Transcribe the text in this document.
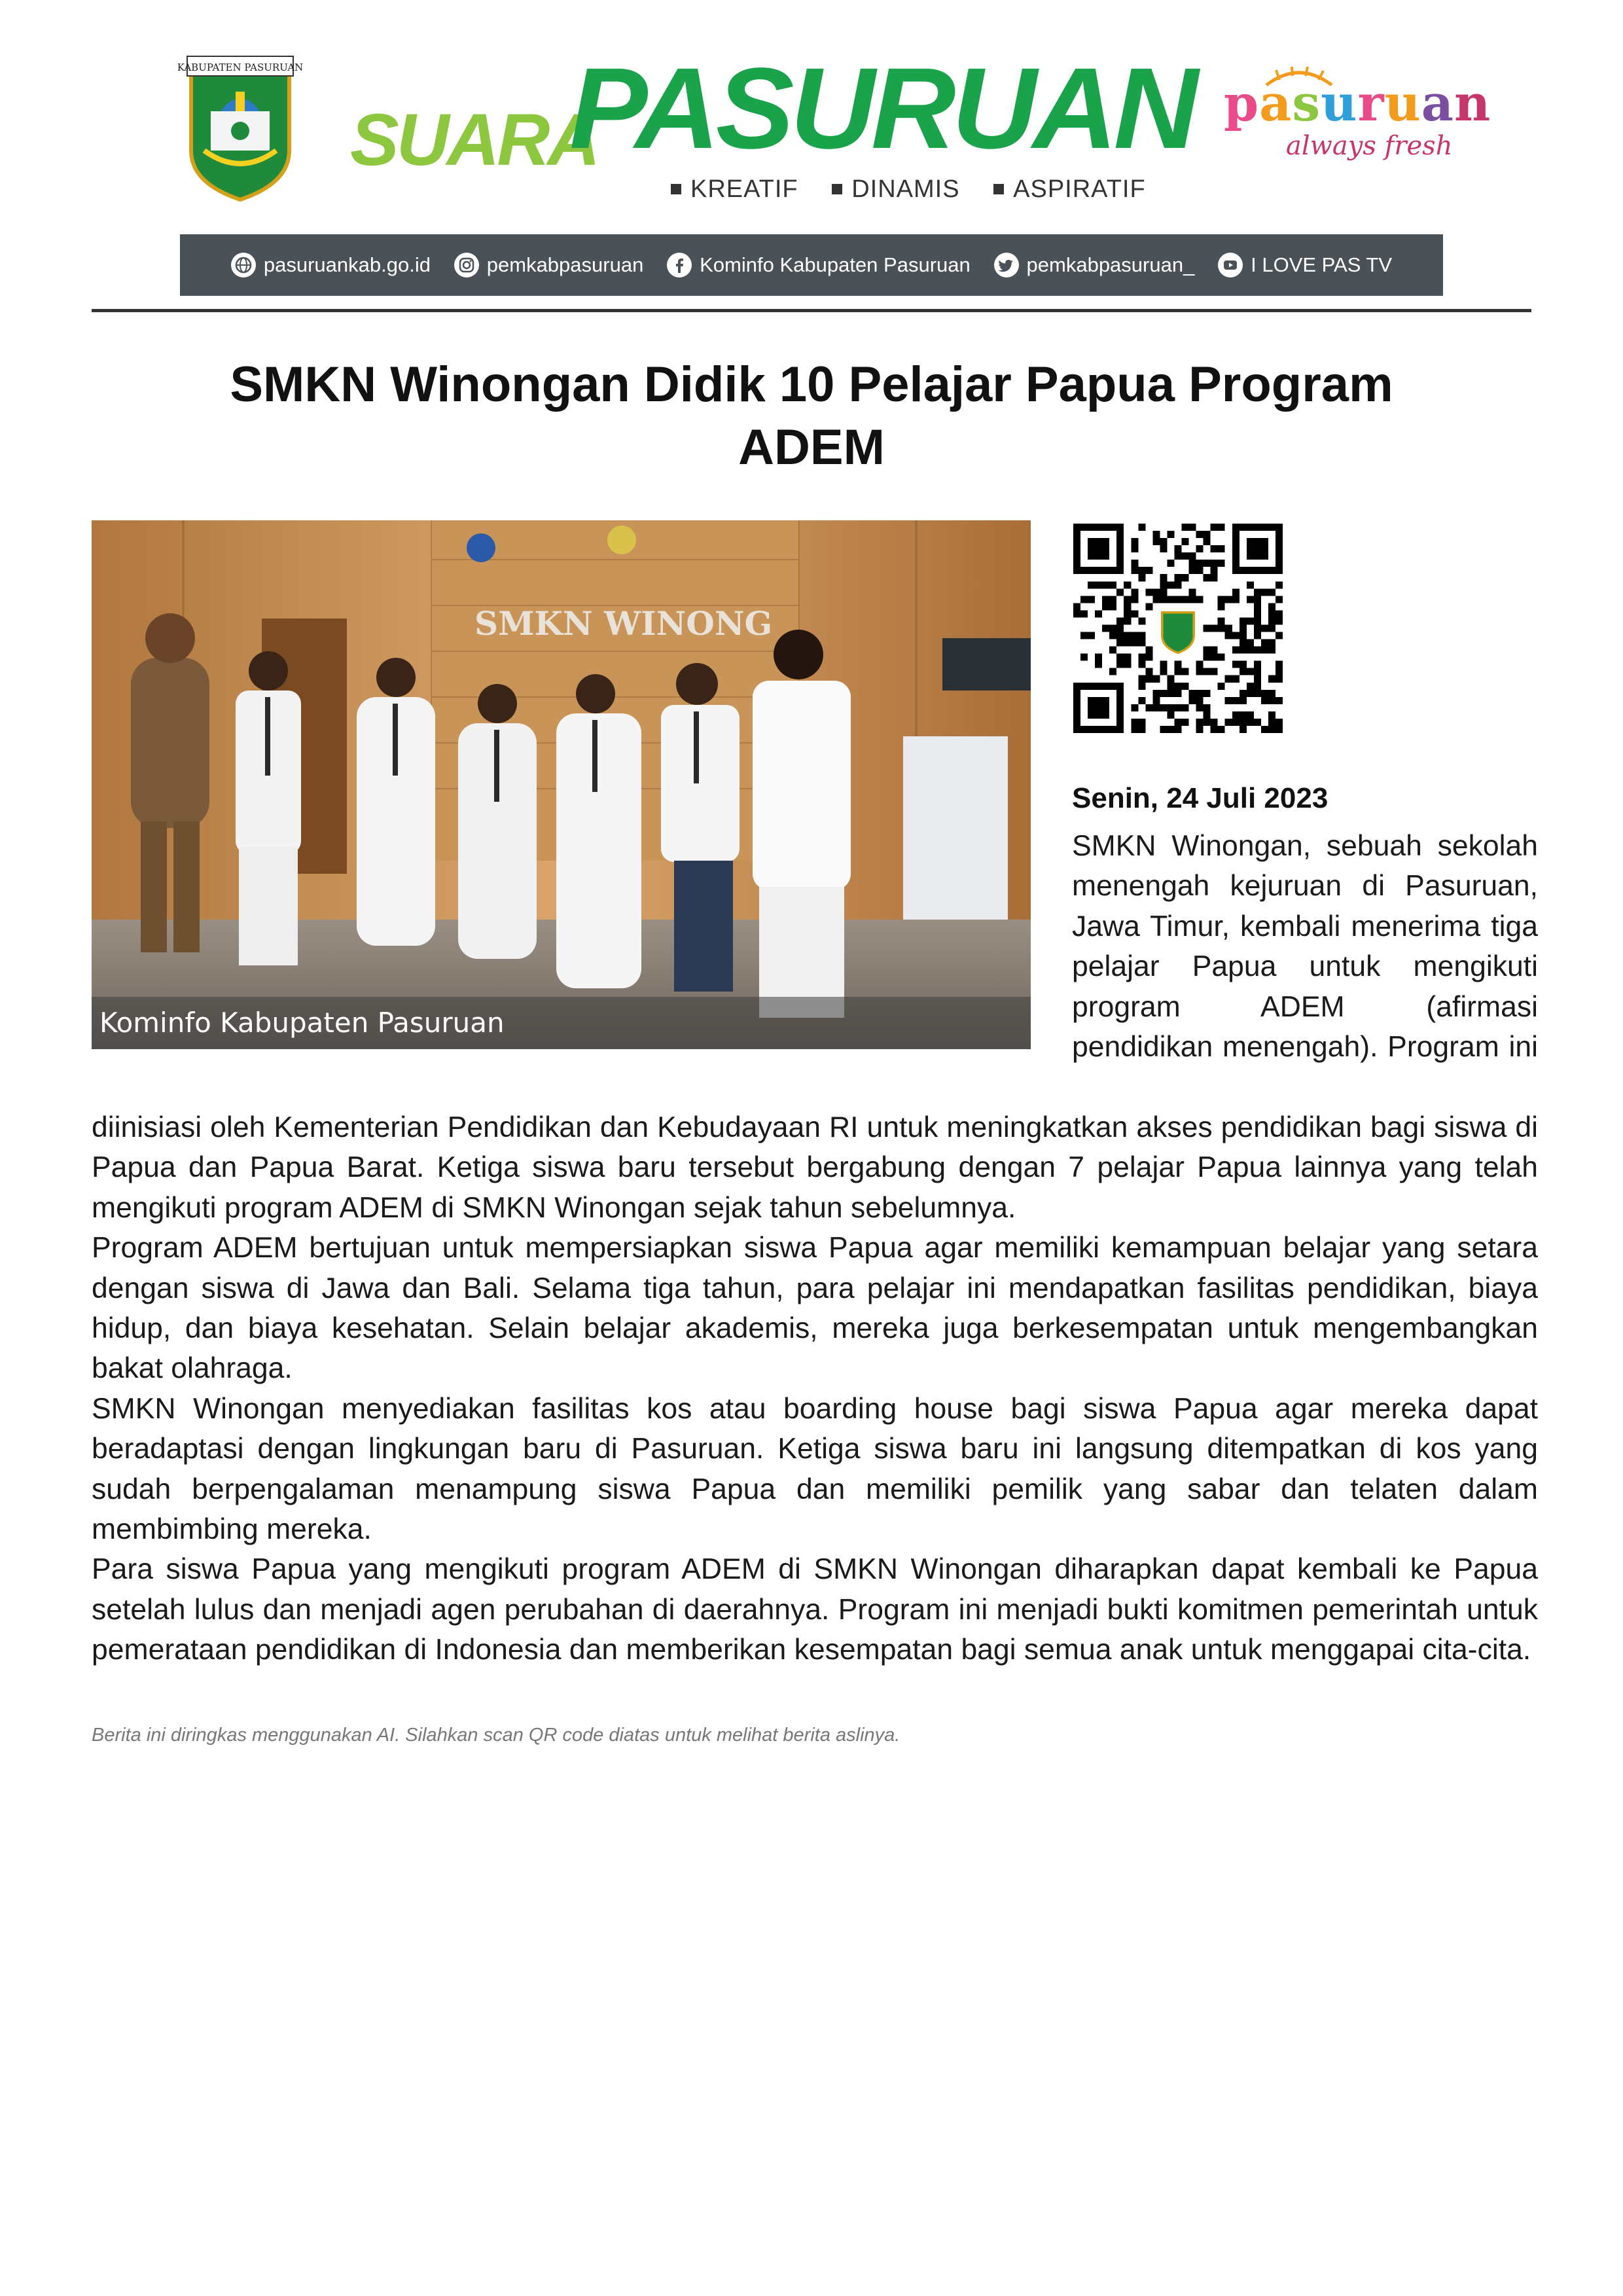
KABUPATEN PASURUAN
SUARA
PASURUAN
KREATIF DINAMIS ASPIRATIF
pasuruan
always fresh
pasuruankab.go.id	pemkabpasuruan	Kominfo Kabupaten Pasuruan	pemkabpasuruan_	I LOVE PAS TV
SMKN Winongan Didik 10 Pelajar Papua Program
ADEM
SMKN WINONG
Kominfo Kabupaten Pasuruan
Senin, 24 Juli 2023

SMKN Winongan, sebuah sekolah menengah kejuruan di Pasuruan, Jawa Timur, kembali menerima tiga pelajar Papua untuk mengikuti program ADEM (afirmasi pendidikan menengah). Program ini

diinisiasi oleh Kementerian Pendidikan dan Kebudayaan RI untuk meningkatkan akses pendidikan bagi siswa di Papua dan Papua Barat. Ketiga siswa baru tersebut bergabung dengan 7 pelajar Papua lainnya yang telah mengikuti program ADEM di SMKN Winongan sejak tahun sebelumnya.

Program ADEM bertujuan untuk mempersiapkan siswa Papua agar memiliki kemampuan belajar yang setara dengan siswa di Jawa dan Bali. Selama tiga tahun, para pelajar ini mendapatkan fasilitas pendidikan, biaya hidup, dan biaya kesehatan. Selain belajar akademis, mereka juga berkesempatan untuk mengembangkan bakat olahraga.

SMKN Winongan menyediakan fasilitas kos atau boarding house bagi siswa Papua agar mereka dapat beradaptasi dengan lingkungan baru di Pasuruan. Ketiga siswa baru ini langsung ditempatkan di kos yang sudah berpengalaman menampung siswa Papua dan memiliki pemilik yang sabar dan telaten dalam membimbing mereka.

Para siswa Papua yang mengikuti program ADEM di SMKN Winongan diharapkan dapat kembali ke Papua setelah lulus dan menjadi agen perubahan di daerahnya. Program ini menjadi bukti komitmen pemerintah untuk pemerataan pendidikan di Indonesia dan memberikan kesempatan bagi semua anak untuk menggapai cita-cita.

Berita ini diringkas menggunakan AI. Silahkan scan QR code diatas untuk melihat berita aslinya.
